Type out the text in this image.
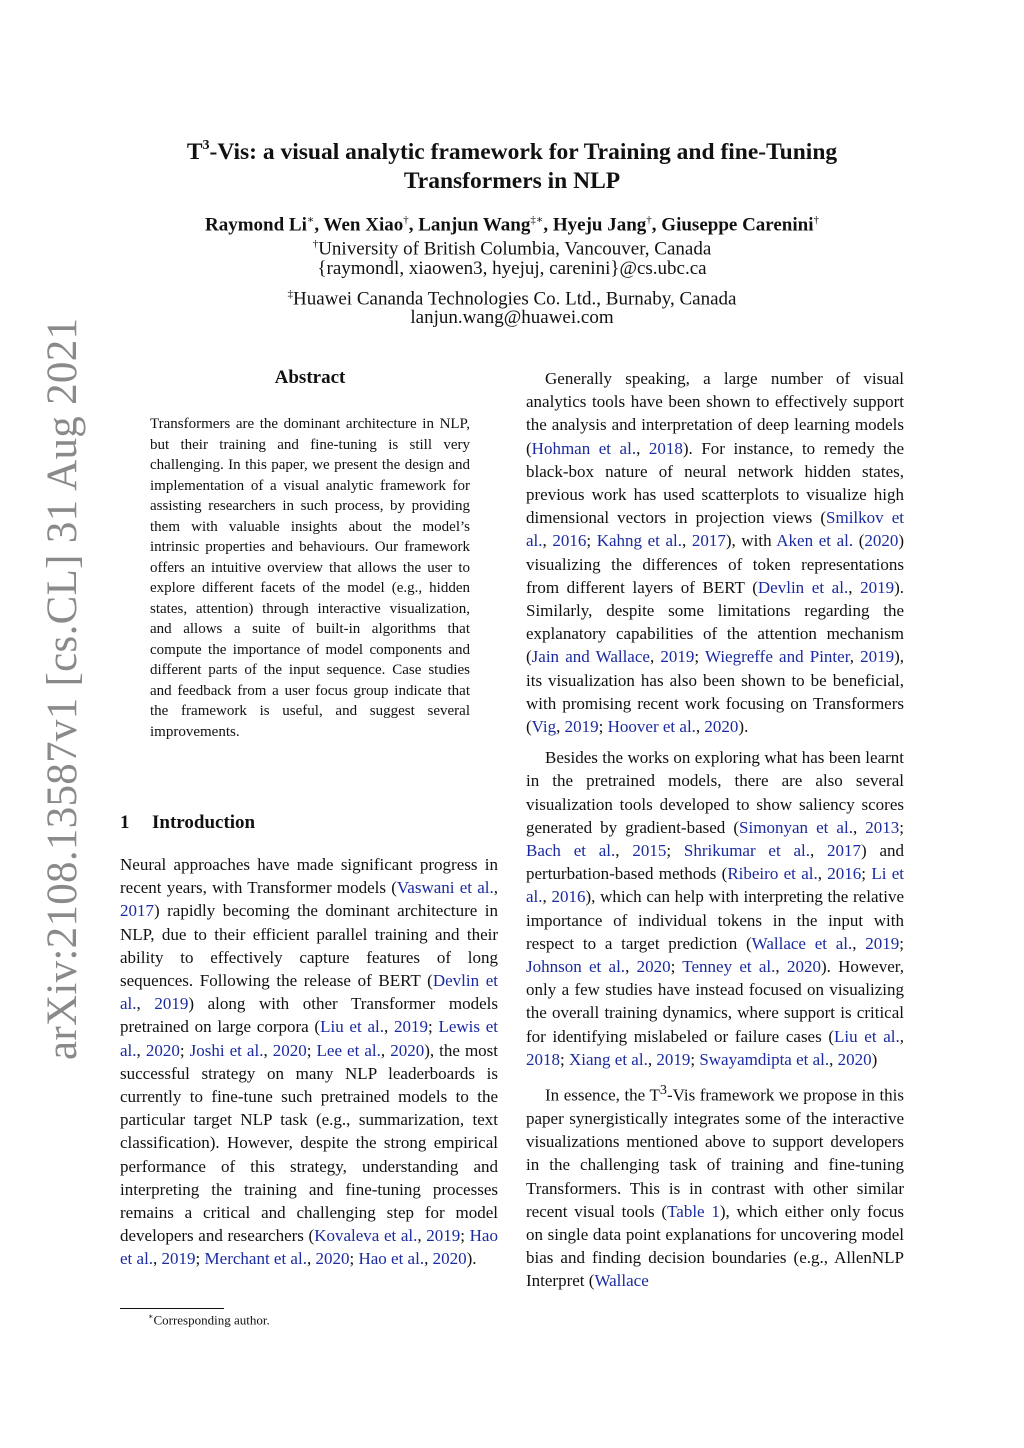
arXiv:2108.13587v1 [cs.CL] 31 Aug 2021
$T^3$-Vis: a visual analytic framework for Training and fine-Tuning
Transformers in NLP
Raymond Li∗, Wen Xiao†, Lanjun Wang‡∗, Hyeju Jang†, Giuseppe Carenini†
†University of British Columbia, Vancouver, Canada
{raymondl, xiaowen3, hyejuj, carenini}@cs.ubc.ca
‡Huawei Cananda Technologies Co. Ltd., Burnaby, Canada
lanjun.wang@huawei.com
Abstract
Transformers are the dominant architecture in NLP, but their training and fine-tuning is still very challenging. In this paper, we present the design and implementation of a visual analytic framework for assisting researchers in such process, by providing them with valuable insights about the model’s intrinsic properties and behaviours. Our framework offers an intuitive overview that allows the user to explore different facets of the model (e.g., hidden states, attention) through interactive visualization, and allows a suite of built-in algorithms that compute the importance of model components and different parts of the input sequence. Case studies and feedback from a user focus group indicate that the framework is useful, and suggest several improvements.
1 Introduction

Neural approaches have made significant progress in recent years, with Transformer models (Vaswani et al., 2017) rapidly becoming the dominant architecture in NLP, due to their efficient parallel training and their ability to effectively capture features of long sequences. Following the release of BERT (Devlin et al., 2019) along with other Transformer models pretrained on large corpora (Liu et al., 2019; Lewis et al., 2020; Joshi et al., 2020; Lee et al., 2020), the most successful strategy on many NLP leaderboards is currently to fine-tune such pretrained models to the particular target NLP task (e.g., summarization, text classification). However, despite the strong empirical performance of this strategy, understanding and interpreting the training and fine-tuning processes remains a critical and challenging step for model developers and researchers (Kovaleva et al., 2019; Hao et al., 2019; Merchant et al., 2020; Hao et al., 2020).

Generally speaking, a large number of visual analytics tools have been shown to effectively support the analysis and interpretation of deep learning models (Hohman et al., 2018). For instance, to remedy the black-box nature of neural network hidden states, previous work has used scatterplots to visualize high dimensional vectors in projection views (Smilkov et al., 2016; Kahng et al., 2017), with Aken et al. (2020) visualizing the differences of token representations from different layers of BERT (Devlin et al., 2019). Similarly, despite some limitations regarding the explanatory capabilities of the attention mechanism (Jain and Wallace, 2019; Wiegreffe and Pinter, 2019), its visualization has also been shown to be beneficial, with promising recent work focusing on Transformers (Vig, 2019; Hoover et al., 2020).

Besides the works on exploring what has been learnt in the pretrained models, there are also several visualization tools developed to show saliency scores generated by gradient-based (Simonyan et al., 2013; Bach et al., 2015; Shrikumar et al., 2017) and perturbation-based methods (Ribeiro et al., 2016; Li et al., 2016), which can help with interpreting the relative importance of individual tokens in the input with respect to a target prediction (Wallace et al., 2019; Johnson et al., 2020; Tenney et al., 2020). However, only a few studies have instead focused on visualizing the overall training dynamics, where support is critical for identifying mislabeled or failure cases (Liu et al., 2018; Xiang et al., 2019; Swayamdipta et al., 2020)

In essence, the $T^3$-Vis framework we propose in this paper synergistically integrates some of the interactive visualizations mentioned above to support developers in the challenging task of training and fine-tuning Transformers. This is in contrast with other similar recent visual tools (Table 1), which either only focus on single data point explanations for uncovering model bias and finding decision boundaries (e.g., AllenNLP Interpret (Wallace

∗Corresponding author.
